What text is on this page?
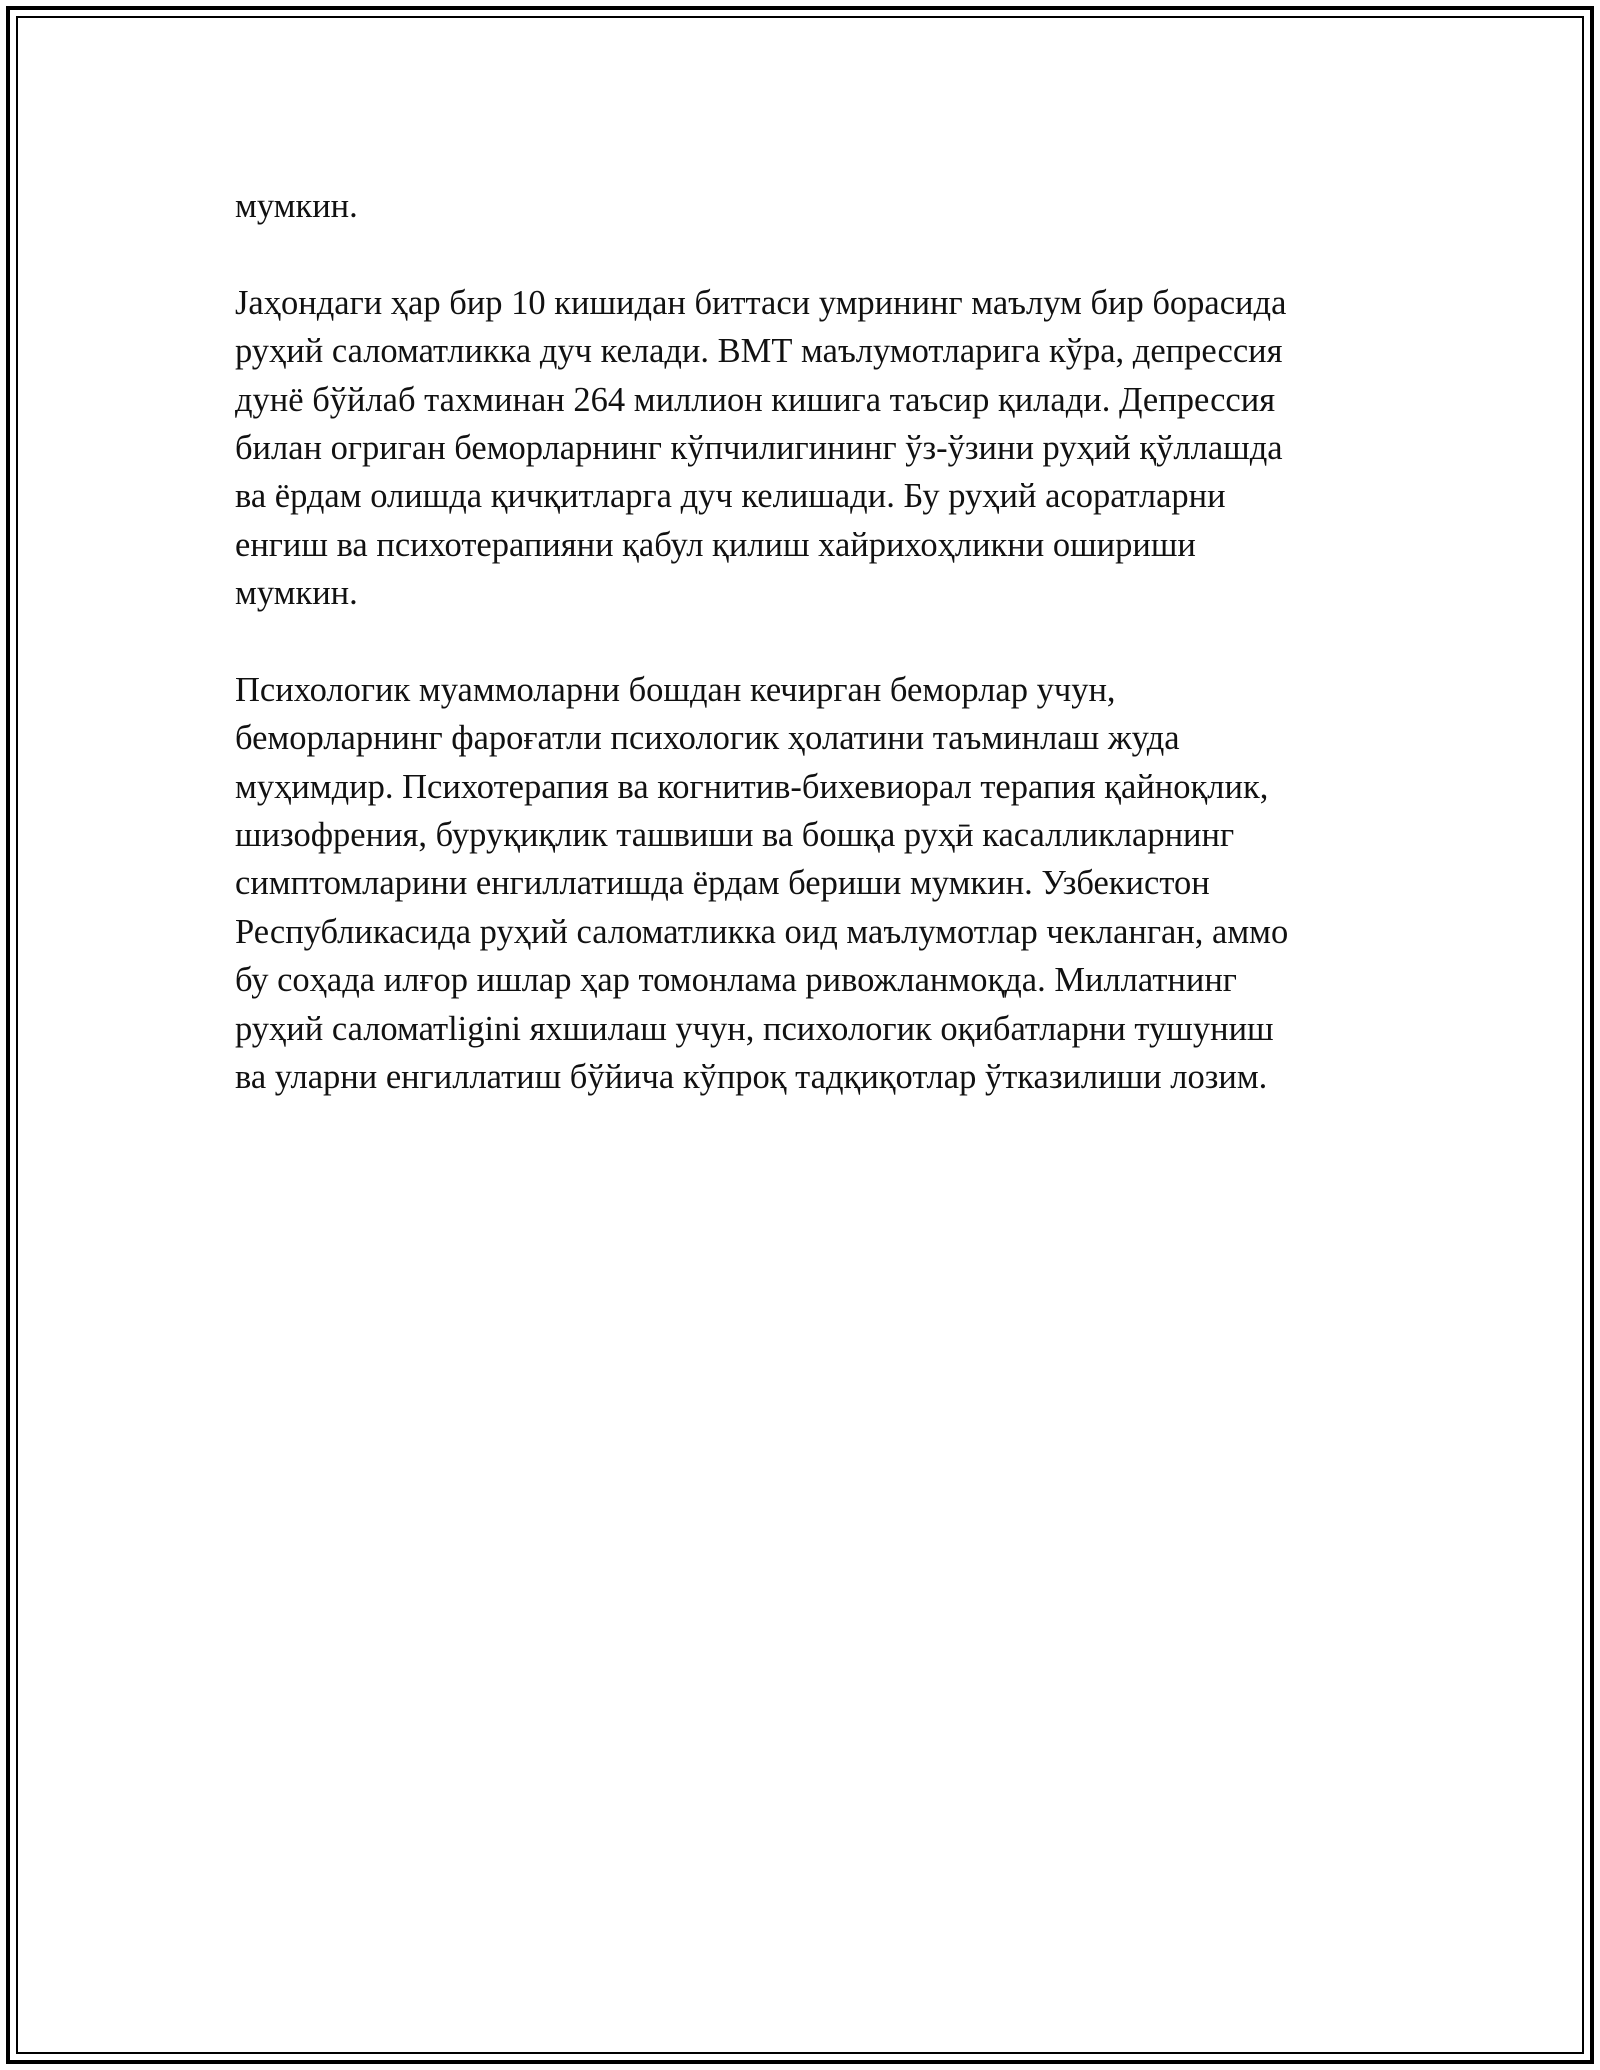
мумкин.

Jаҳондаги ҳар бир 10 кишидан биттаси умрининг маълум бир борасида
руҳий саломатликка дуч келади. ВМТ маълумотларига кўра, депрессия
дунё бўйлаб тахминан 264 миллион кишига таъсир қилади. Депрессия
билан огриган беморларнинг кўпчилигининг ўз-ўзини руҳий қўллашда
ва ёрдам олишда қичқитларга дуч келишади. Бу руҳий асоратларни
енгиш ва психотерапияни қабул қилиш хайрихоҳликни ошириши
мумкин.

Психологик муаммоларни бошдан кечирган беморлар учун,
беморларнинг фароғатли психологик ҳолатини таъминлаш жуда
муҳимдир. Психотерапия ва когнитив-бихевиорал терапия қайноқлик,
шизофрения, буруқиқлик ташвиши ва бошқа руҳӣ касалликларнинг
симптомларини енгиллатишда ёрдам бериши мумкин. Узбекистон
Республикасида руҳий саломатликка оид маълумотлар чекланган, аммо
бу соҳада илғор ишлар ҳар томонлама ривожланмоқда. Миллатнинг
руҳий саломатligini яхшилаш учун, психологик оқибатларни тушуниш
ва уларни енгиллатиш бўйича кўпроқ тадқиқотлар ўтказилиши лозим.
